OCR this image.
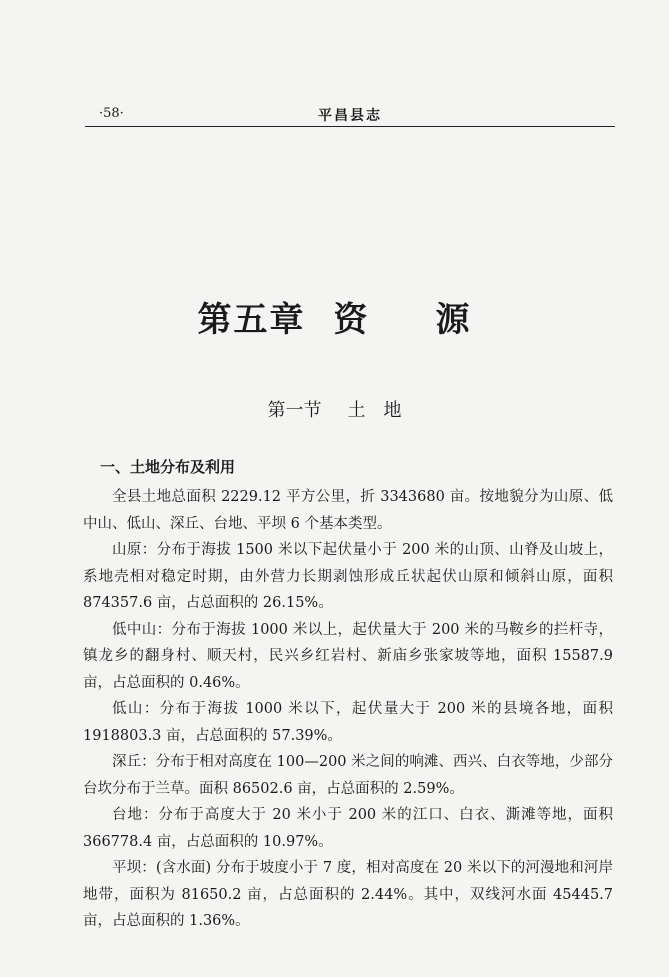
·58·	平昌县志
第五章 资 源
第一节 土　地
一、土地分布及利用

全县土地总面积 2229.12 平方公里，折 3343680 亩。按地貌分为山原、低中山、低山、深丘、台地、平坝 6 个基本类型。

山原：分布于海拔 1500 米以下起伏量小于 200 米的山顶、山脊及山坡上，系地壳相对稳定时期，由外营力长期剥蚀形成丘状起伏山原和倾斜山原，面积 874357.6 亩，占总面积的 26.15%。

低中山：分布于海拔 1000 米以上，起伏量大于 200 米的马鞍乡的拦杆寺，镇龙乡的翻身村、顺天村，民兴乡红岩村、新庙乡张家坡等地，面积 15587.9 亩，占总面积的 0.46%。

低山：分布于海拔 1000 米以下，起伏量大于 200 米的县境各地，面积 1918803.3 亩，占总面积的 57.39%。

深丘：分布于相对高度在 100—200 米之间的响滩、西兴、白衣等地，少部分台坎分布于兰草。面积 86502.6 亩，占总面积的 2.59%。

台地：分布于高度大于 20 米小于 200 米的江口、白衣、澌滩等地，面积 366778.4 亩，占总面积的 10.97%。

平坝：(含水面) 分布于坡度小于 7 度，相对高度在 20 米以下的河漫地和河岸地带，面积为 81650.2 亩，占总面积的 2.44%。其中，双线河水面 45445.7 亩，占总面积的 1.36%。
